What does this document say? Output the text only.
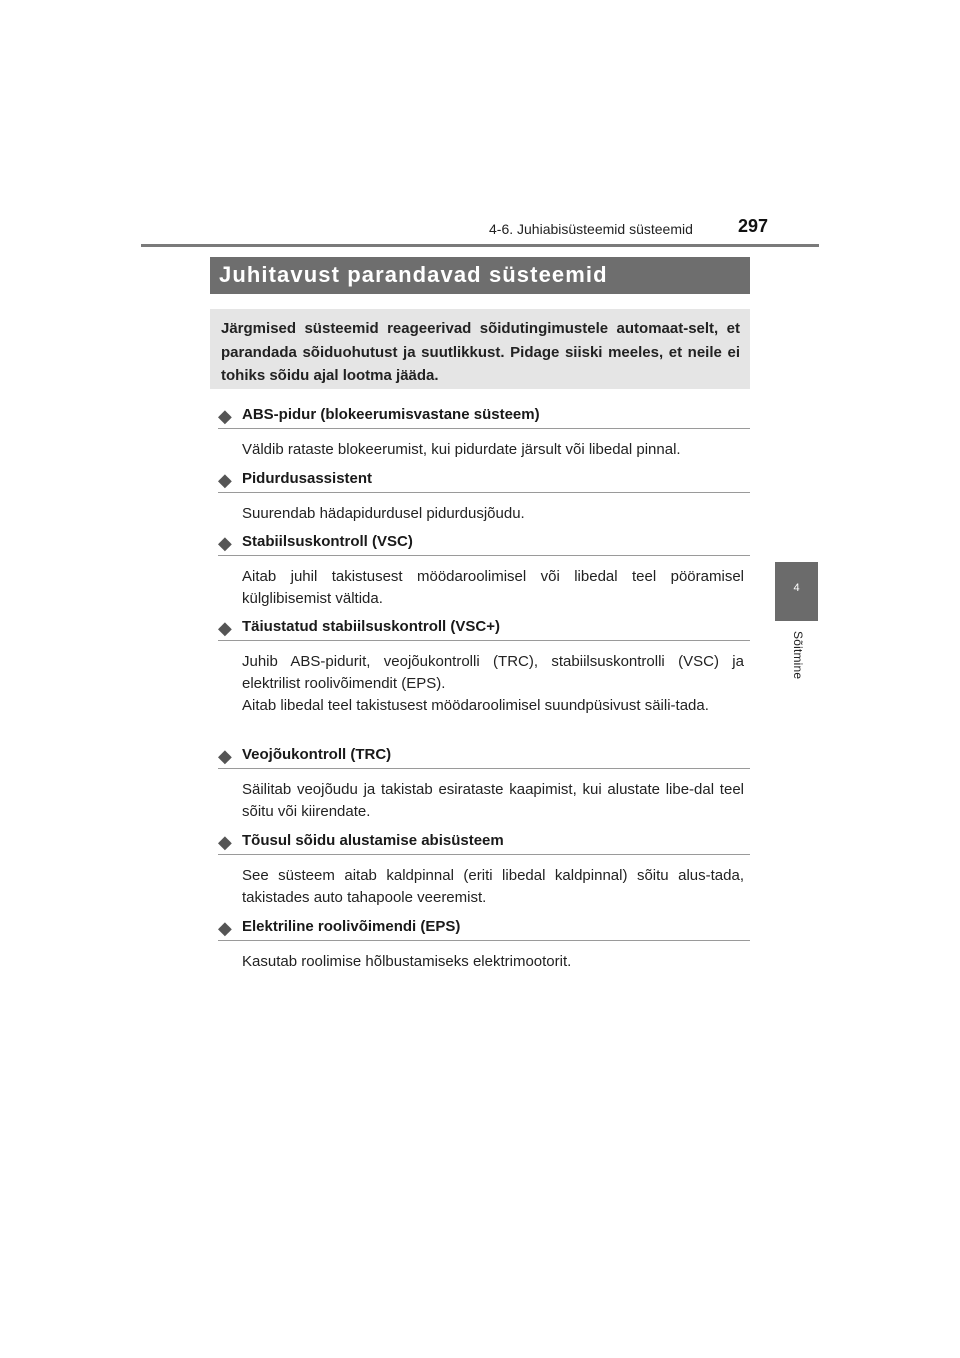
4-6. Juhiabisüsteemid süsteemid	297
4
Sõitmine
Juhitavust parandavad süsteemid

Järgmised süsteemid reageerivad sõidutingimustele automaat-selt, et parandada sõiduohutust ja suutlikkust. Pidage siiski meeles, et neile ei tohiks sõidu ajal lootma jääda.

◆ ABS-pidur (blokeerumisvastane süsteem)

Väldib rataste blokeerumist, kui pidurdate järsult või libedal pinnal.

◆ Pidurdusassistent

Suurendab hädapidurdusel pidurdusjõudu.

◆ Stabiilsuskontroll (VSC)

Aitab juhil takistusest möödaroolimisel või libedal teel pööramisel külglibisemist vältida.

◆ Täiustatud stabiilsuskontroll (VSC+)

Juhib ABS-pidurit, veojõukontrolli (TRC), stabiilsuskontrolli (VSC) ja elektrilist roolivõimendit (EPS).

Aitab libedal teel takistusest möödaroolimisel suundpüsivust säili-tada.

◆ Veojõukontroll (TRC)

Säilitab veojõudu ja takistab esirataste kaapimist, kui alustate libe-dal teel sõitu või kiirendate.

◆ Tõusul sõidu alustamise abisüsteem

See süsteem aitab kaldpinnal (eriti libedal kaldpinnal) sõitu alus-tada, takistades auto tahapoole veeremist.

◆ Elektriline roolivõimendi (EPS)

Kasutab roolimise hõlbustamiseks elektrimootorit.
